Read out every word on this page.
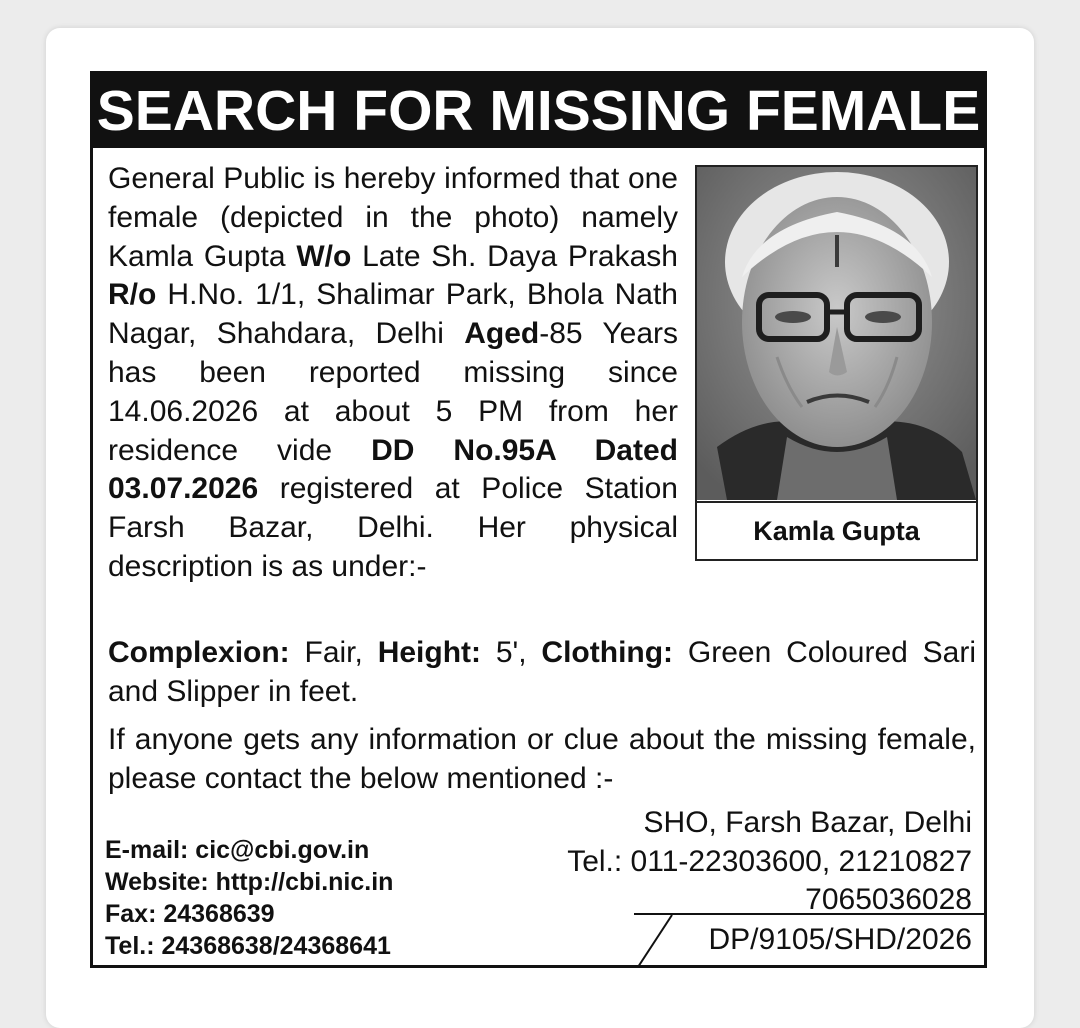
SEARCH FOR MISSING FEMALE

General Public is hereby informed that one female (depicted in the photo) namely Kamla Gupta W/o Late Sh. Daya Prakash R/o H.No. 1/1, Shalimar Park, Bhola Nath Nagar, Shahdara, Delhi Aged-85 Years has been reported missing since 14.06.2026 at about 5 PM from her residence vide DD No.95A Dated 03.07.2026 registered at Police Station Farsh Bazar, Delhi. Her physical description is as under:-

Kamla Gupta

Complexion: Fair, Height: 5', Clothing: Green Coloured Sari and Slipper in feet.

If anyone gets any information or clue about the missing female, please contact the below mentioned :-

E-mail: cic@cbi.gov.in
Website: http://cbi.nic.in
Fax: 24368639
Tel.: 24368638/24368641
SHO, Farsh Bazar, Delhi
Tel.: 011-22303600, 21210827
7065036028
DP/9105/SHD/2026
